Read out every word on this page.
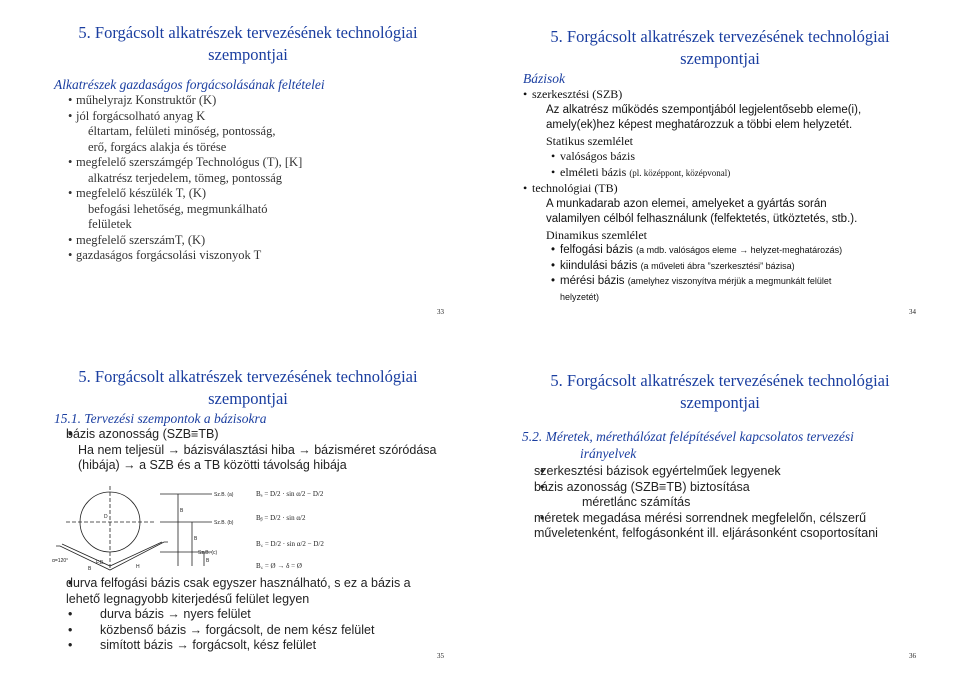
5. Forgácsolt alkatrészek tervezésének technológiai
szempontjai
Alkatrészek gazdaságos forgácsolásának feltételei
• műhelyrajz Konstruktőr (K)
• jól forgácsolható anyag K
éltartam, felületi minőség, pontosság,
erő, forgács alakja és törése
• megfelelő szerszámgép Technológus (T), [K]
alkatrész terjedelem, tömeg, pontosság
• megfelelő készülék T, (K)
befogási lehetőség, megmunkálható
felületek
• megfelelő szerszámT, (K)
• gazdaságos forgácsolási viszonyok T
33
5. Forgácsolt alkatrészek tervezésének technológiai
szempontjai
Bázisok
• szerkesztési (SZB)
Az alkatrész működés szempontjából legjelentősebb eleme(i),
amely(ek)hez képest meghatározzuk a többi elem helyzetét.
Statikus szemlélet
• valóságos bázis
• elméleti bázis (pl. középpont, középvonal)
• technológiai (TB)
A munkadarab azon elemei, amelyeket a gyártás során
valamilyen célból felhasználunk (felfektetés, ütköztetés, stb.).
Dinamikus szemlélet
• felfogási bázis (a mdb. valóságos eleme → helyzet-meghatározás)
• kiindulási bázis (a műveleti ábra ”szerkesztési” bázisa)
• mérési bázis (amelyhez viszonyítva mérjük a megmunkált felület
helyzetét)
34
5. Forgácsolt alkatrészek tervezésének technológiai
szempontjai
15.1. Tervezési szempontok a bázisokra
• bázis azonosság (SZB≡TB)
Ha nem teljesül → bázisválasztási hiba → bázisméret szóródása
(hibája) → a SZB és a TB közötti távolság hibája
Sz.B. (a)
Sz.B. (b)
Sz.B. (c)
α=120°	F.B.
H
D
B
B
B
B
Bₐ = D/2 · sin α/2 − D/2
Bᵦ = D/2 · sin α/2
B꜀ = D/2 · sin α/2 − D/2
B꜀ = Ø → δ = Ø
• durva felfogási bázis csak egyszer használható, s ez a bázis a
lehető legnagyobb kiterjedésű felület legyen
• durva bázis → nyers felület
• közbenső bázis → forgácsolt, de nem kész felület
• simított bázis → forgácsolt, kész felület
35
5. Forgácsolt alkatrészek tervezésének technológiai
szempontjai
5.2. Méretek, mérethálózat felépítésével kapcsolatos tervezési
irányelvek
• szerkesztési bázisok egyértelműek legyenek
• bázis azonosság (SZB≡TB) biztosítása
méretlánc számítás
• méretek megadása mérési sorrendnek megfelelőn, célszerű
műveletenként, felfogásonként ill. eljárásonként csoportosítani
36
